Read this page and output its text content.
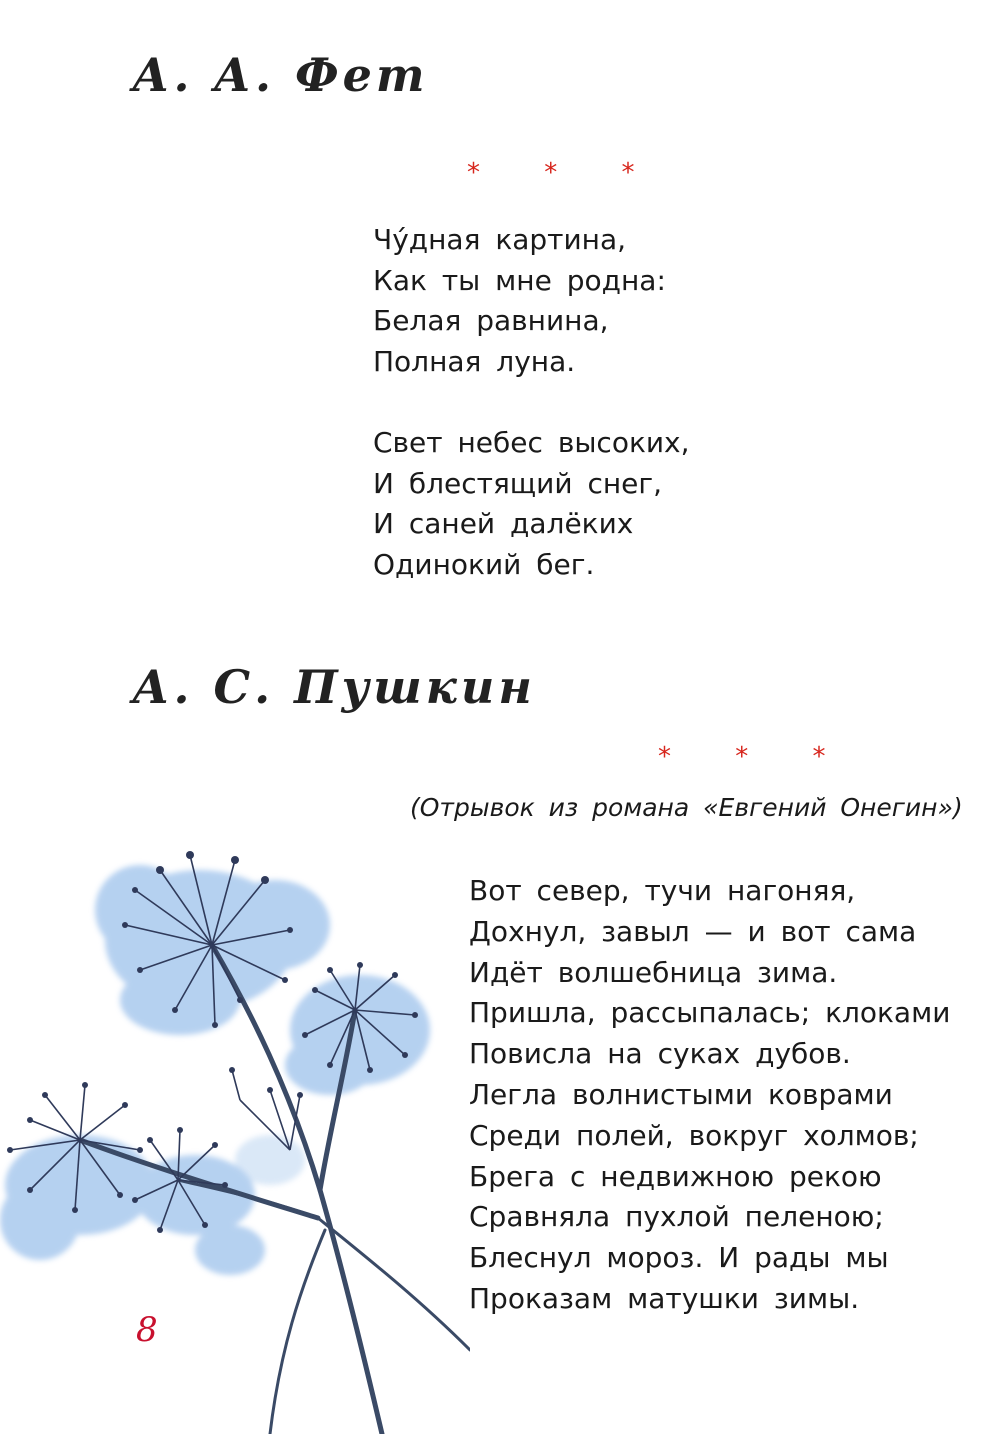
А. А. Фет
* * *
Чу́дная картина,
Как ты мне родна:
Белая равнина,
Полная луна.
Свет небес высоких,
И блестящий снег,
И саней далёких
Одинокий бег.
А. С. Пушкин
* * *
(Отрывок из романа «Евгений Онегин»)
Вот север, тучи нагоняя,
Дохнул, завыл — и вот сама
Идёт волшебница зима.
Пришла, рассыпалась; клоками
Повисла на суках дубов.
Легла волнистыми коврами
Среди полей, вокруг холмов;
Брега с недвижною рекою
Сравняла пухлой пеленою;
Блеснул мороз. И рады мы
Проказам матушки зимы.
8
